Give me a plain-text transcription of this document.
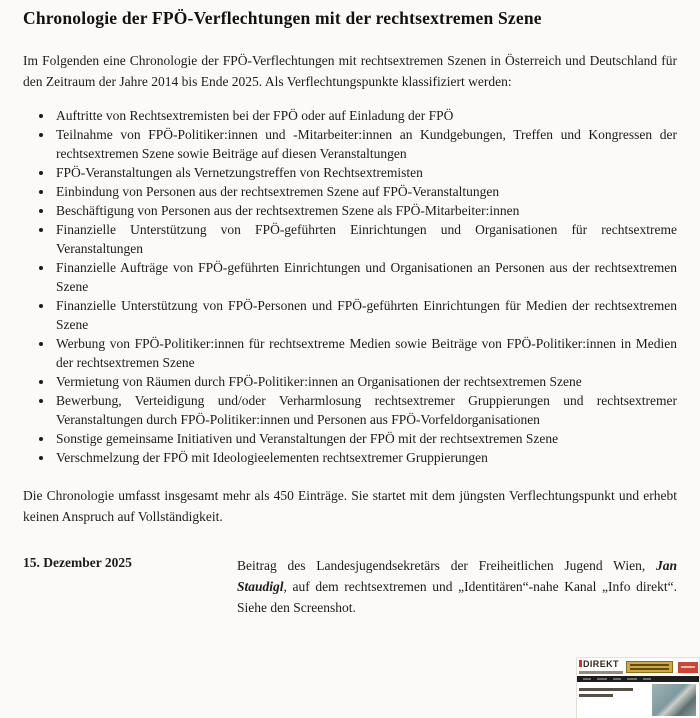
Chronologie der FPÖ-Verflechtungen mit der rechtsextremen Szene

Im Folgenden eine Chronologie der FPÖ-Verflechtungen mit rechtsextremen Szenen in Österreich und Deutschland für den Zeitraum der Jahre 2014 bis Ende 2025. Als Verflechtungspunkte klassifiziert werden:

• Auftritte von Rechtsextremisten bei der FPÖ oder auf Einladung der FPÖ
• Teilnahme von FPÖ-Politiker:innen und -Mitarbeiter:innen an Kundgebungen, Treffen und Kongressen der rechtsextremen Szene sowie Beiträge auf diesen Veranstaltungen
• FPÖ-Veranstaltungen als Vernetzungstreffen von Rechtsextremisten
• Einbindung von Personen aus der rechtsextremen Szene auf FPÖ-Veranstaltungen
• Beschäftigung von Personen aus der rechtsextremen Szene als FPÖ-Mitarbeiter:innen
• Finanzielle Unterstützung von FPÖ-geführten Einrichtungen und Organisationen für rechtsextreme Veranstaltungen
• Finanzielle Aufträge von FPÖ-geführten Einrichtungen und Organisationen an Personen aus der rechtsextremen Szene
• Finanzielle Unterstützung von FPÖ-Personen und FPÖ-geführten Einrichtungen für Medien der rechtsextremen Szene
• Werbung von FPÖ-Politiker:innen für rechtsextreme Medien sowie Beiträge von FPÖ-Politiker:innen in Medien der rechtsextremen Szene
• Vermietung von Räumen durch FPÖ-Politiker:innen an Organisationen der rechtsextremen Szene
• Bewerbung, Verteidigung und/oder Verharmlosung rechtsextremer Gruppierungen und rechtsextremer Veranstaltungen durch FPÖ-Politiker:innen und Personen aus FPÖ-Vorfeldorganisationen
• Sonstige gemeinsame Initiativen und Veranstaltungen der FPÖ mit der rechtsextremen Szene
• Verschmelzung der FPÖ mit Ideologieelementen rechtsextremer Gruppierungen

Die Chronologie umfasst insgesamt mehr als 450 Einträge. Sie startet mit dem jüngsten Verflechtungspunkt und erhebt keinen Anspruch auf Vollständigkeit.

15. Dezember 2025	Beitrag des Landesjugendsekretärs der Freiheitlichen Jugend Wien, Jan Staudigl, auf dem rechtsextremen und „Identitären“-nahe Kanal „Info direkt“. Siehe den Screenshot.
DIREKT
